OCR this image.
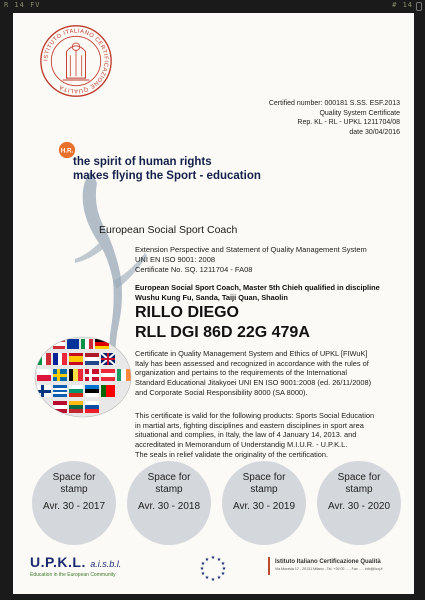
R 14 FV	# 14
ISTITUTO ITALIANO CERTIFICAZIONE QUALITÀ
Certified number: 000181 S.SS. ESF.2013
Quality System Certificate
Rep. KL - RL - UPKL 1211704/08
date 30/04/2016
H.R.
the spirit of human rights
makes flying the Sport - education
European Social Sport Coach
Extension Perspective and Statement of Quality Management System
UNI EN ISO 9001: 2008
Certificate No. SQ. 1211704 - FA08
European Social Sport Coach, Master 5th Chieh qualified in discipline
Wushu Kung Fu, Sanda, Taiji Quan, Shaolin
RILLO DIEGO
RLL DGI 86D 22G 479A
Certificate in Quality Management System and Ethics of UPKL [FIWuK]
Italy has been assessed and recognized in accordance with the rules of
organization and pertains to the requirements of the International
Standard Educational Jitakyoei UNI EN ISO 9001:2008 (ed. 26/11/2008)
and Corporate Social Responsibility 8000 (SA 8000).
This certificate is valid for the following products: Sports Social Education
in martial arts, fighting disciplines and eastern disciplines in sport area
situational and complies, in Italy, the law of 4 January 14, 2013. and
accreditated in Memorandum of Understandig M.I.U.R. - U.P.K.L.
The seals in relief validate the originality of the certification.
Space for
stamp
Avr. 30 - 2017
Space for
stamp
Avr. 30 - 2018
Space for
stamp
Avr. 30 - 2019
Space for
stamp
Avr. 30 - 2020
U.P.K.L. a.i.s.b.l.
Education in the European Community
★ ★
★
★
★
★
★
★
★
★
★
★	Istituto Italiano Certificazione Qualità
Via Moravia 17 - 20131 Milano - Tel. +39 02 ... - Fax ... - info@iicq.it
